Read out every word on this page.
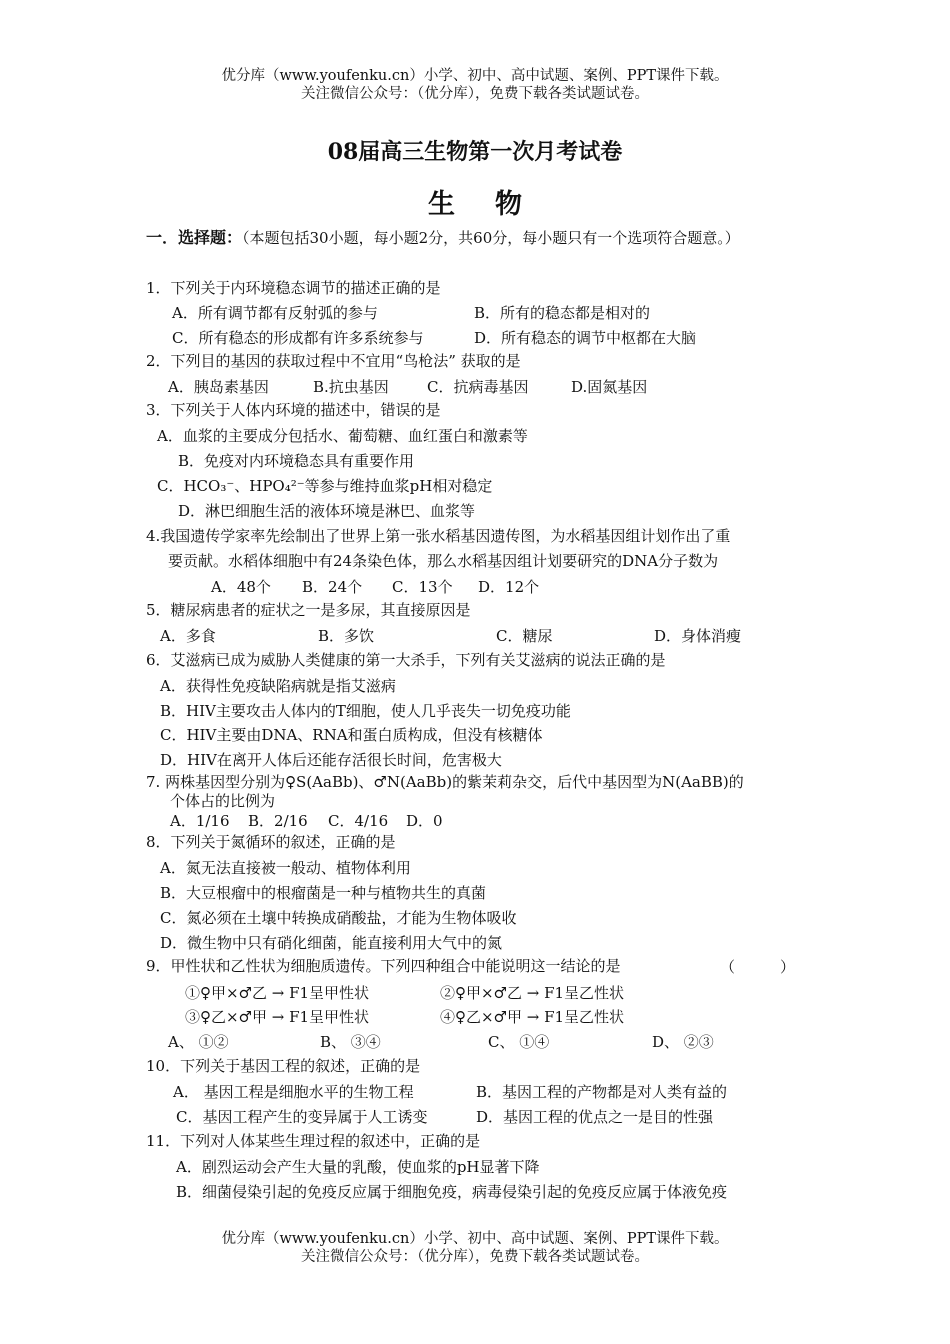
优分库（www.youfenku.cn）小学、初中、高中试题、案例、PPT课件下载。
关注微信公众号：（优分库），免费下载各类试题试卷。
08届高三生物第一次月考试卷
生物
一．选择题：（本题包括30小题，每小题2分，共60分，每小题只有一个选项符合题意。）
1．下列关于内环境稳态调节的描述正确的是
A．所有调节都有反射弧的参与	B．所有的稳态都是相对的
C．所有稳态的形成都有许多系统参与	D．所有稳态的调节中枢都在大脑
2．下列目的基因的获取过程中不宜用“鸟枪法” 获取的是
A．胰岛素基因	B.抗虫基因	C．抗病毒基因	D.固氮基因
3．下列关于人体内环境的描述中，错误的是
A．血浆的主要成分包括水、葡萄糖、血红蛋白和激素等
B．免疫对内环境稳态具有重要作用
C．HCO₃⁻、HPO₄²⁻等参与维持血浆pH相对稳定
D．淋巴细胞生活的液体环境是淋巴、血浆等
4.我国遗传学家率先绘制出了世界上第一张水稻基因遗传图，为水稻基因组计划作出了重
要贡献。水稻体细胞中有24条染色体，那么水稻基因组计划要研究的DNA分子数为
A．48个 B．24个 C．13个 D．12个
5．糖尿病患者的症状之一是多尿，其直接原因是
A．多食	B．多饮	C．糖尿	D．身体消瘦
6．艾滋病已成为威胁人类健康的第一大杀手，下列有关艾滋病的说法正确的是
A．获得性免疫缺陷病就是指艾滋病
B．HIV主要攻击人体内的T细胞，使人几乎丧失一切免疫功能
C．HIV主要由DNA、RNA和蛋白质构成，但没有核糖体
D．HIV在离开人体后还能存活很长时间，危害极大
7. 两株基因型分别为♀S(AaBb)、♂N(AaBb)的紫茉莉杂交，后代中基因型为N(AaBB)的
个体占的比例为
A．1/16 B．2/16 C．4/16 D．0
8．下列关于氮循环的叙述，正确的是
A．氮无法直接被一般动、植物体利用
B．大豆根瘤中的根瘤菌是一种与植物共生的真菌
C．氮必须在土壤中转换成硝酸盐，才能为生物体吸收
D．微生物中只有硝化细菌，能直接利用大气中的氮
9．甲性状和乙性状为细胞质遗传。下列四种组合中能说明这一结论的是	（　　　）
①♀甲×♂乙 → F1呈甲性状	②♀甲×♂乙 → F1呈乙性状
③♀乙×♂甲 → F1呈甲性状	④♀乙×♂甲 → F1呈乙性状
A、 ①②	B、 ③④	C、 ①④	D、 ②③
10．下列关于基因工程的叙述，正确的是
A． 基因工程是细胞水平的生物工程	B．基因工程的产物都是对人类有益的
C．基因工程产生的变异属于人工诱变	D．基因工程的优点之一是目的性强
11．下列对人体某些生理过程的叙述中，正确的是
A．剧烈运动会产生大量的乳酸，使血浆的pH显著下降
B．细菌侵染引起的免疫反应属于细胞免疫，病毒侵染引起的免疫反应属于体液免疫
优分库（www.youfenku.cn）小学、初中、高中试题、案例、PPT课件下载。
关注微信公众号：（优分库），免费下载各类试题试卷。
